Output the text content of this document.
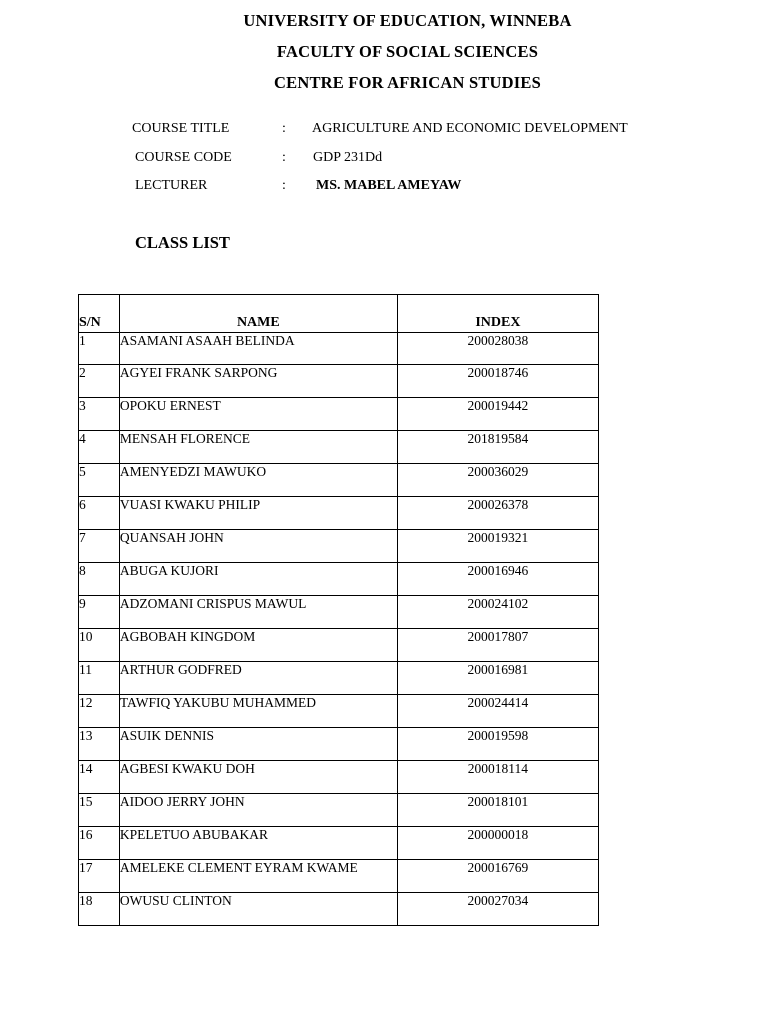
UNIVERSITY OF EDUCATION, WINNEBA
FACULTY OF SOCIAL SCIENCES
CENTRE FOR AFRICAN STUDIES
COURSE TITLE	: AGRICULTURE AND ECONOMIC DEVELOPMENT
COURSE CODE	: GDP 231Dd
LECTURER	: MS. MABEL AMEYAW
CLASS LIST
S/N	NAME	INDEX
1	ASAMANI ASAAH BELINDA	200028038
2	AGYEI FRANK SARPONG	200018746
3	OPOKU ERNEST	200019442
4	MENSAH FLORENCE	201819584
5	AMENYEDZI MAWUKO	200036029
6	VUASI KWAKU PHILIP	200026378
7	QUANSAH JOHN	200019321
8	ABUGA KUJORI	200016946
9	ADZOMANI CRISPUS MAWUL	200024102
10	AGBOBAH KINGDOM	200017807
11	ARTHUR GODFRED	200016981
12	TAWFIQ YAKUBU MUHAMMED	200024414
13	ASUIK DENNIS	200019598
14	AGBESI KWAKU DOH	200018114
15	AIDOO JERRY JOHN	200018101
16	KPELETUO ABUBAKAR	200000018
17	AMELEKE CLEMENT EYRAM KWAME	200016769
18	OWUSU CLINTON	200027034
